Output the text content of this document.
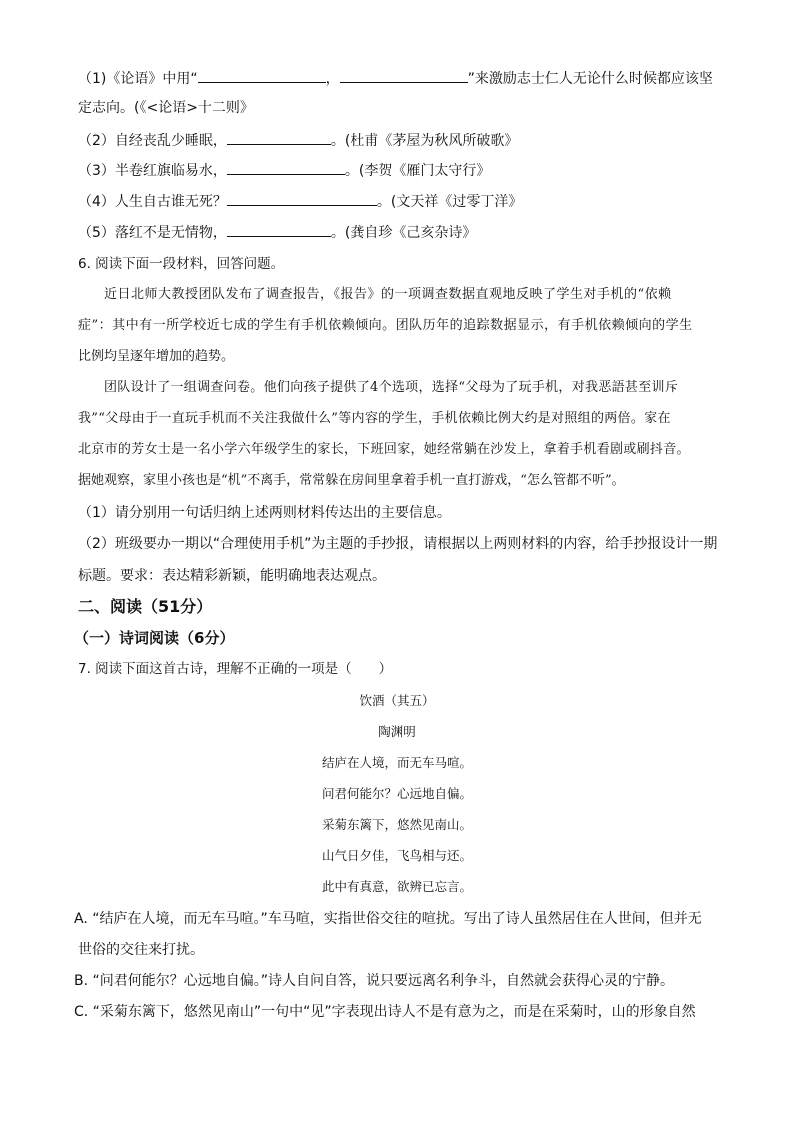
（1)《论语》中用“	，	”来激励志士仁人无论什么时候都应该坚
定志向。(《<论语>十二则》
（2）自经丧乱少睡眠，	。(杜甫《茅屋为秋风所破歌》
（3）半卷红旗临易水，	。(李贺《雁门太守行》
（4）人生自古谁无死？	。(文天祥《过零丁洋》
（5）落红不是无情物，	。(龚自珍《己亥杂诗》
6. 阅读下面一段材料，回答问题。
近日北师大教授团队发布了调查报告，《报告》的一项调查数据直观地反映了学生对手机的“依赖
症”：其中有一所学校近七成的学生有手机依赖倾向。团队历年的追踪数据显示，有手机依赖倾向的学生
比例均呈逐年增加的趋势。
团队设计了一组调查问卷。他们向孩子提供了4个选项，选择“父母为了玩手机，对我恶語甚至训斥
我”“父母由于一直玩手机而不关注我做什么”等内容的学生，手机依赖比例大约是对照组的两倍。家在
北京市的芳女士是一名小学六年级学生的家长，下班回家，她经常躺在沙发上，拿着手机看剧或刷抖音。
据她观察，家里小孩也是“机”不离手，常常躲在房间里拿着手机一直打游戏，“怎么管都不听”。
（1）请分别用一句话归纳上述两则材料传达出的主要信息。
（2）班级要办一期以“合理使用手机”为主题的手抄报，请根据以上两则材料的内容，给手抄报设计一期
标题。要求：表达精彩新颖，能明确地表达观点。
二、阅读（51分）
（一）诗词阅读（6分）
7. 阅读下面这首古诗，理解不正确的一项是（　　）
饮酒（其五）
陶渊明
结庐在人境，而无车马喧。
问君何能尔？心远地自偏。
采菊东篱下，悠然见南山。
山气日夕佳，飞鸟相与还。
此中有真意，欲辨已忘言。
A. “结庐在人境，而无车马喧。”车马喧，实指世俗交往的喧扰。写出了诗人虽然居住在人世间，但并无
世俗的交往来打扰。
B. “问君何能尔？心远地自偏。”诗人自问自答，说只要远离名利争斗，自然就会获得心灵的宁静。
C. “采菊东篱下，悠然见南山”一句中“见”字表现出诗人不是有意为之，而是在采菊时，山的形象自然
